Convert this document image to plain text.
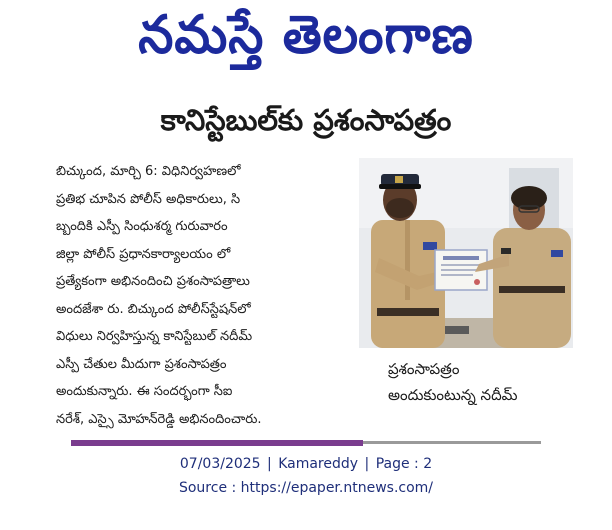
నమస్తే తెలంగాణ
కానిస్టేబుల్‌కు ప్రశంసాపత్రం
బిచ్కుంద, మార్చి 6: విధినిర్వహణలో
ప్రతిభ చూపిన పోలీస్ అధికారులు, సి
బ్బందికి ఎస్పీ సింధుశర్మ గురువారం
జిల్లా పోలీస్ ప్రధానకార్యాలయం లో
ప్రత్యేకంగా అభినందించి ప్రశంసాపత్రాలు
అందజేశా రు. బిచ్కుంద పోలీస్‌స్టేషన్‌లో
విధులు నిర్వహిస్తున్న కానిస్టేబుల్ నదీమ్
ఎస్పీ చేతుల మీదుగా ప్రశంసాపత్రం
అందుకున్నారు. ఈ సందర్భంగా సీఐ
నరేశ్, ఎస్సై మోహన్‌రెడ్డి అభినందించారు.
ప్రశంసాపత్రం
అందుకుంటున్న నదీమ్
07/03/2025 | Kamareddy | Page : 2
Source : https://epaper.ntnews.com/
